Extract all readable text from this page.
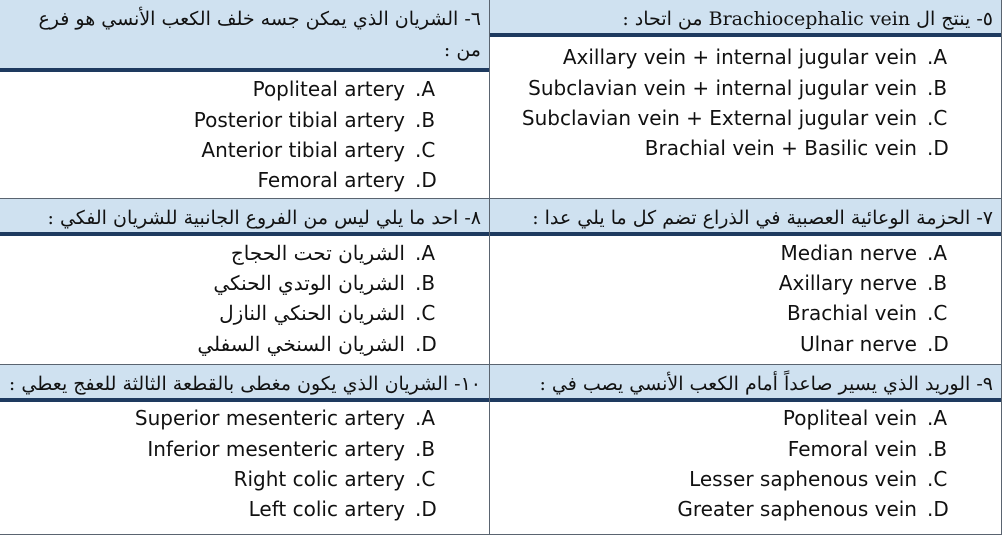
٦- الشريان الذي يمكن جسه خلف الكعب الأنسي هو فرع من :
Popliteal artery .A
Posterior tibial artery .B
Anterior tibial artery .C
Femoral artery .D
٥- ينتج ال Brachiocephalic vein من اتحاد :
Axillary vein + internal jugular vein .A
Subclavian vein + internal jugular vein .B
Subclavian vein + External jugular vein .C
Brachial vein + Basilic vein .D
٨- احد ما يلي ليس من الفروع الجانبية للشريان الفكي :
الشريان تحت الحجاج .A
الشريان الوتدي الحنكي .B
الشريان الحنكي النازل .C
الشريان السنخي السفلي .D
٧- الحزمة الوعائية العصبية في الذراع تضم كل ما يلي عدا :
Median nerve .A
Axillary nerve .B
Brachial vein .C
Ulnar nerve .D
١٠- الشريان الذي يكون مغطى بالقطعة الثالثة للعفج يعطي :
Superior mesenteric artery .A
Inferior mesenteric artery .B
Right colic artery .C
Left colic artery .D
٩- الوريد الذي يسير صاعداً أمام الكعب الأنسي يصب في :
Popliteal vein .A
Femoral vein .B
Lesser saphenous vein .C
Greater saphenous vein .D
